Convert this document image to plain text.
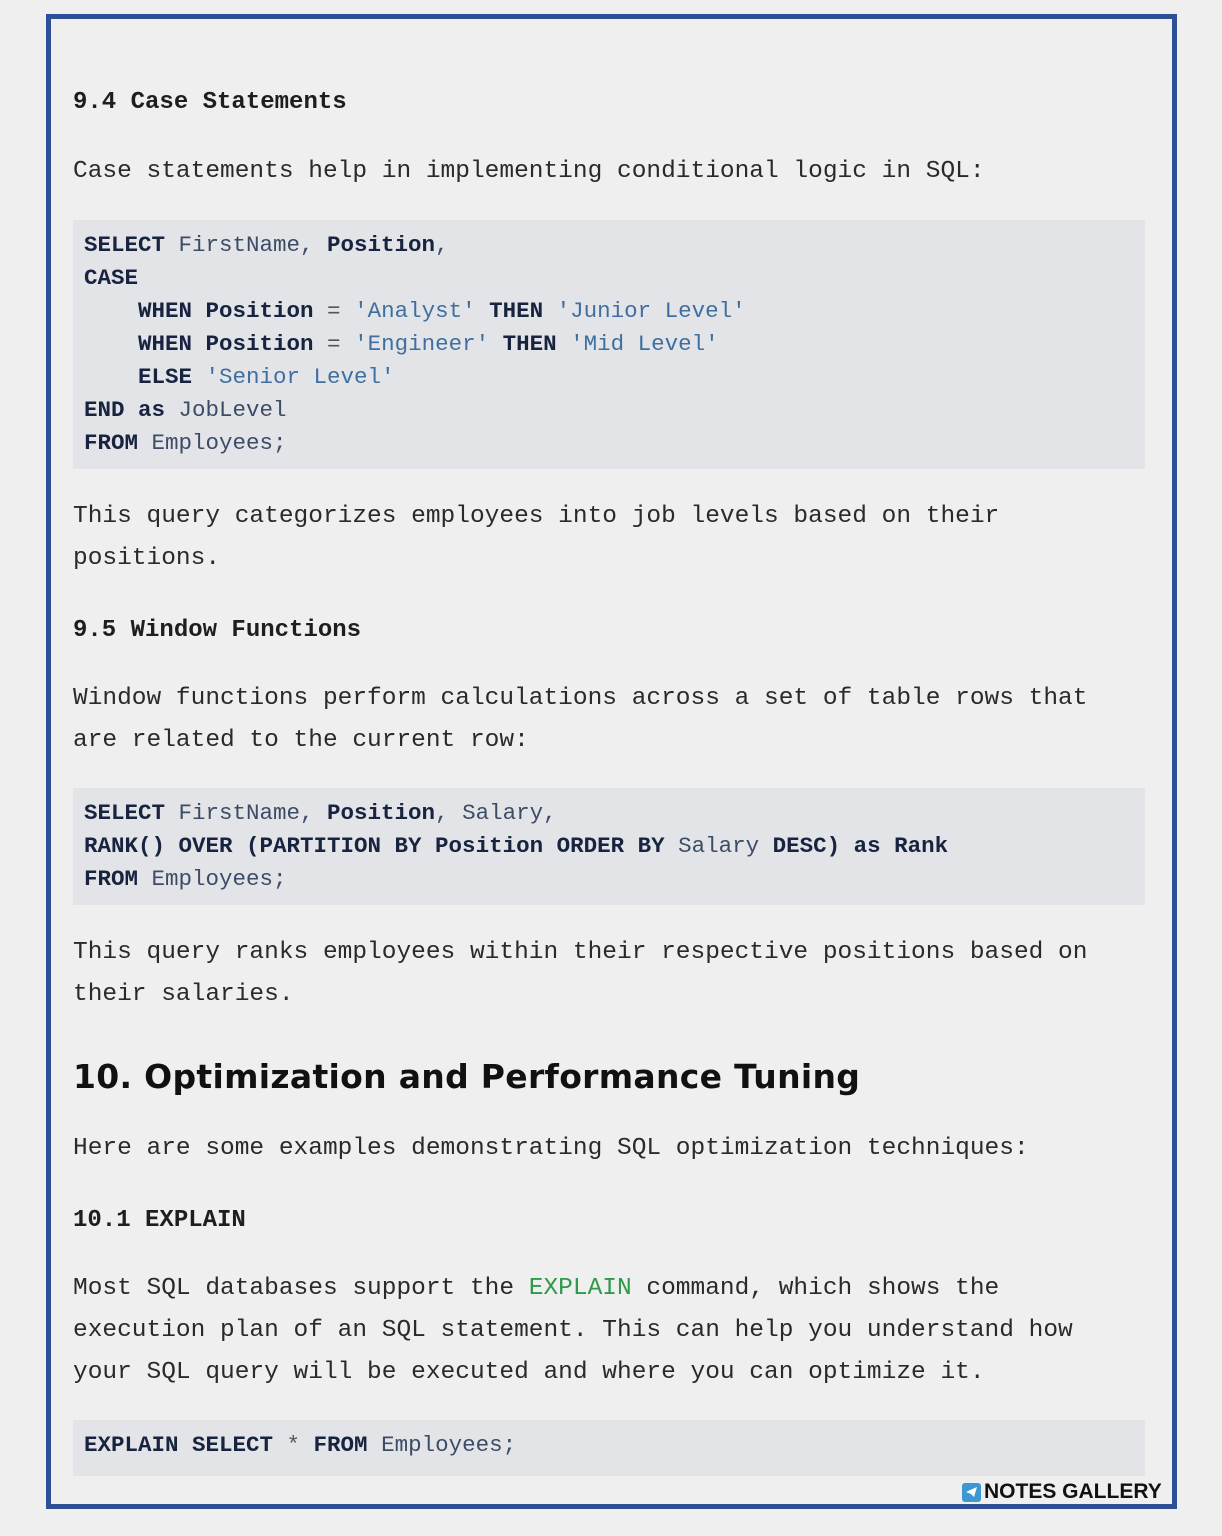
9.4 Case Statements
Case statements help in implementing conditional logic in SQL:
SELECT FirstName, Position,
CASE
WHEN Position = 'Analyst' THEN 'Junior Level'
WHEN Position = 'Engineer' THEN 'Mid Level'
ELSE 'Senior Level'
END as JobLevel
FROM Employees;
This query categorizes employees into job levels based on their
positions.
9.5 Window Functions
Window functions perform calculations across a set of table rows that
are related to the current row:
SELECT FirstName, Position, Salary,
RANK() OVER (PARTITION BY Position ORDER BY Salary DESC) as Rank
FROM Employees;
This query ranks employees within their respective positions based on
their salaries.
10. Optimization and Performance Tuning
Here are some examples demonstrating SQL optimization techniques:
10.1 EXPLAIN
Most SQL databases support the EXPLAIN command, which shows the
execution plan of an SQL statement. This can help you understand how
your SQL query will be executed and where you can optimize it.
EXPLAIN SELECT * FROM Employees;
NOTES GALLERY
